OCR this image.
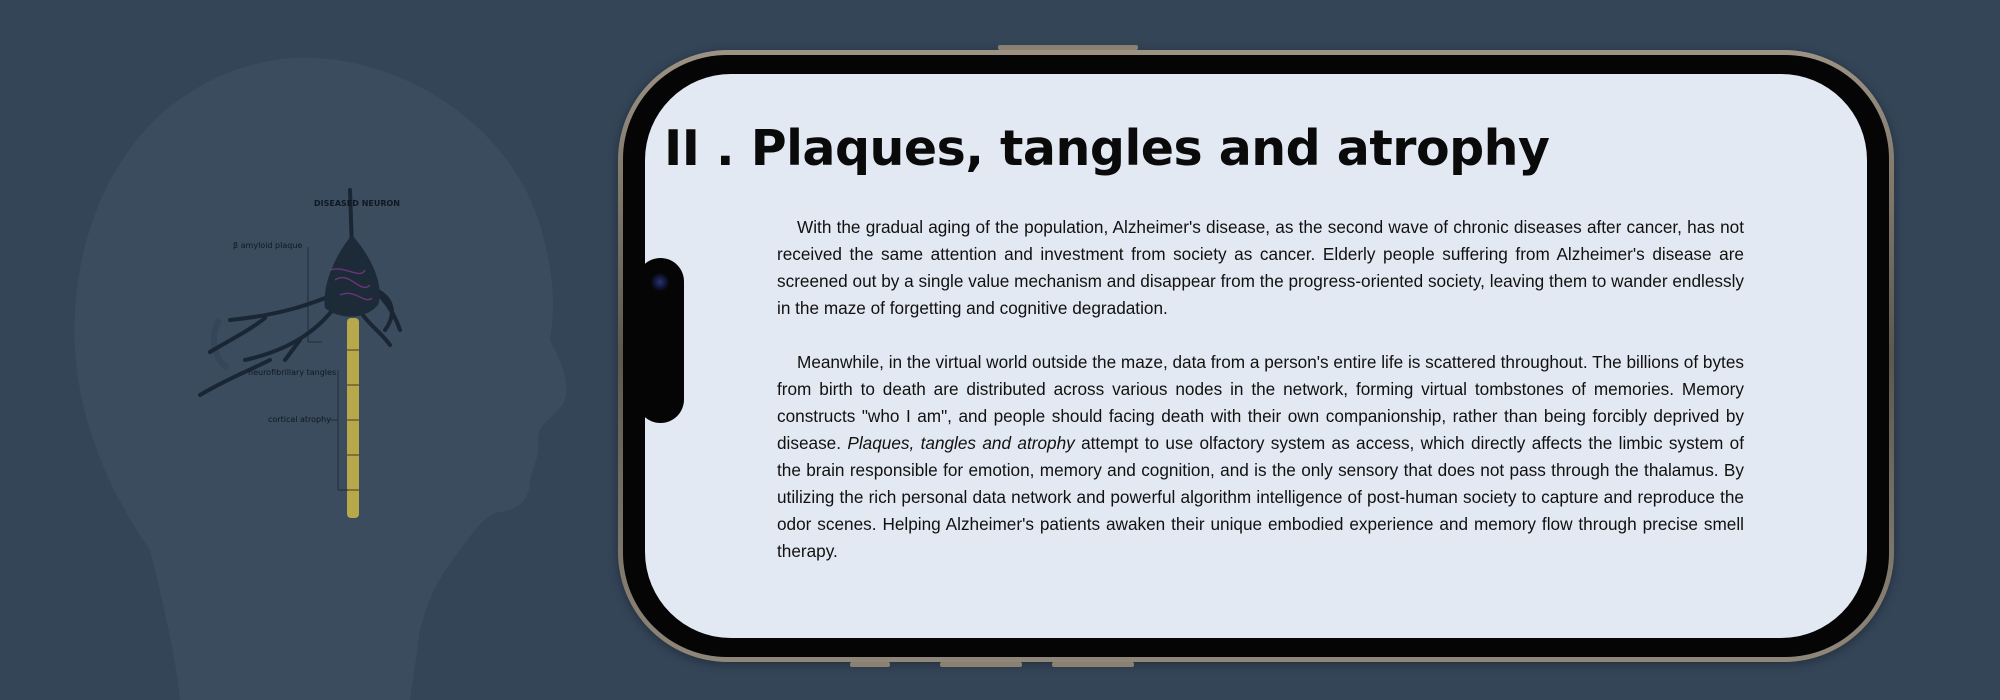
DISEASED NEURON
β amyloid plaque
neurofibrillary tangles
cortical atrophy
II . Plaques, tangles and atrophy

With the gradual aging of the population, Alzheimer's disease, as the second wave of chronic diseases after cancer, has not received the same attention and investment from society as cancer. Elderly people suffering from Alzheimer's disease are screened out by a single value mechanism and disappear from the progress-oriented society, leaving them to wander endlessly in the maze of forgetting and cognitive degradation.

Meanwhile, in the virtual world outside the maze, data from a person's entire life is scattered throughout. The billions of bytes from birth to death are distributed across various nodes in the network, forming virtual tombstones of memories. Memory constructs "who I am", and people should facing death with their own companionship, rather than being forcibly deprived by disease. Plaques, tangles and atrophy attempt to use olfactory system as access, which directly affects the limbic system of the brain responsible for emotion, memory and cognition, and is the only sensory that does not pass through the thalamus. By utilizing the rich personal data network and powerful algorithm intelligence of post-human society to capture and reproduce the odor scenes. Helping Alzheimer's patients awaken their unique embodied experience and memory flow through precise smell therapy.
